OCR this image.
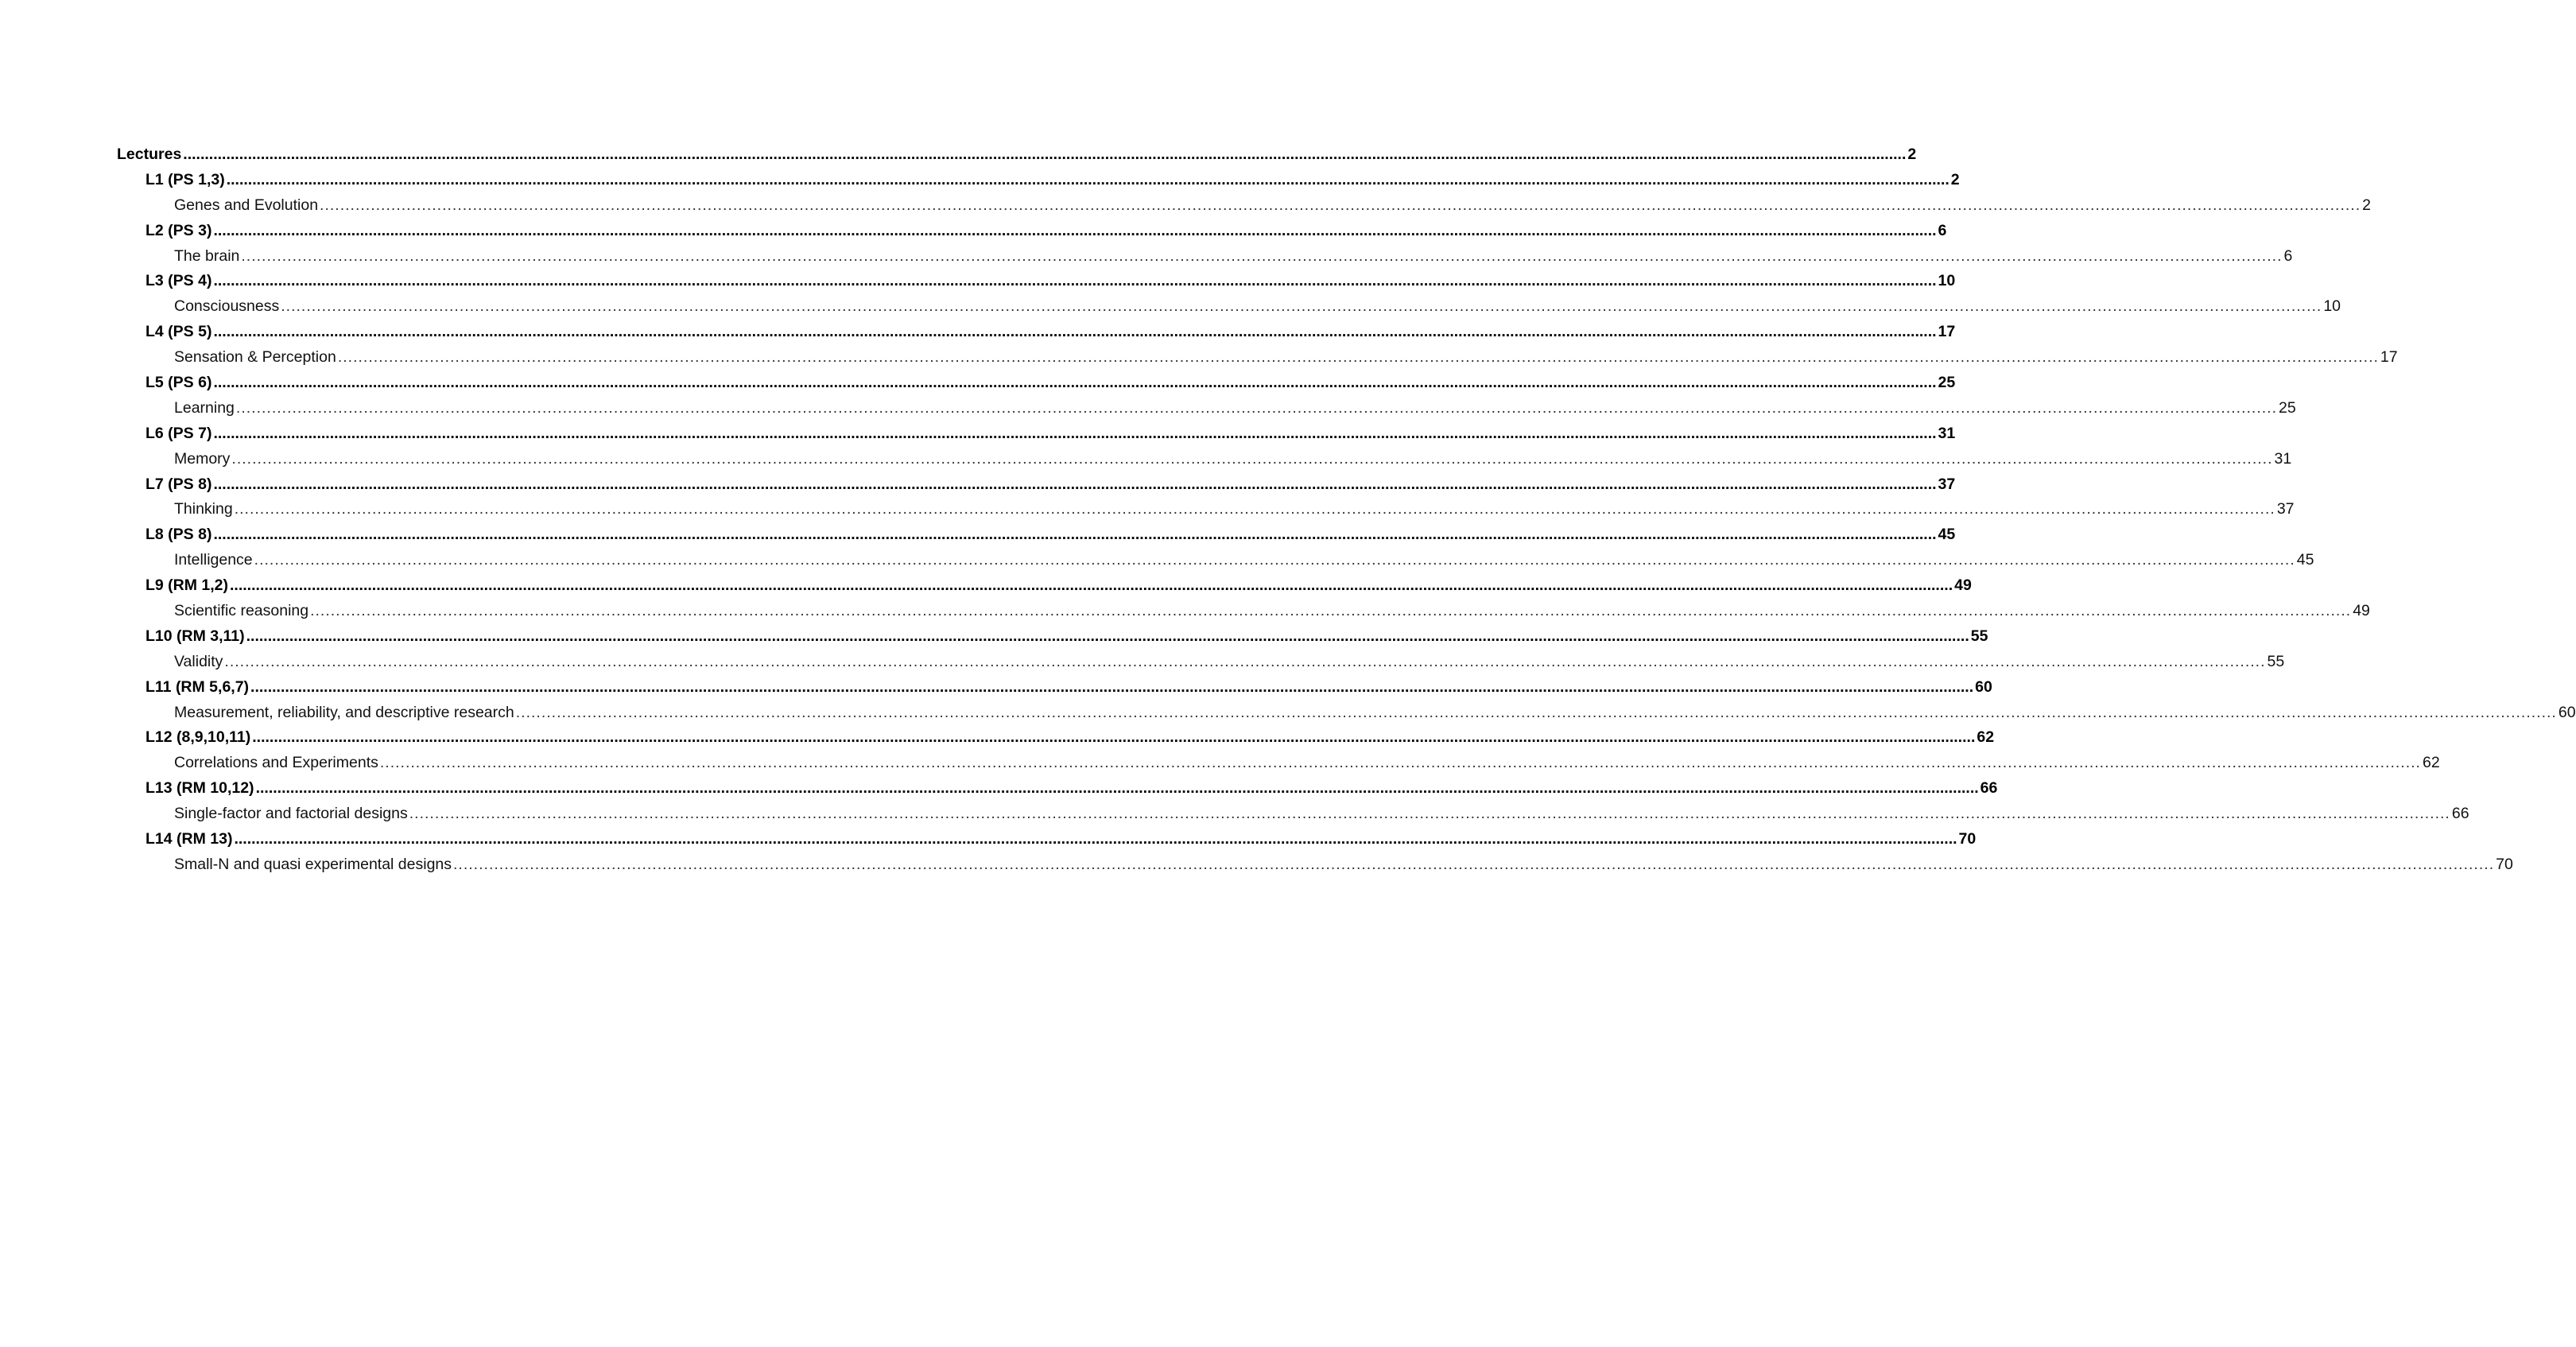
Lectures ................................................................................................................................................................................................................................................................................................................................................................................................................ 2
L1 (PS 1,3) ................................................................................................................................................................................................................................................................................................................................................................................................................ 2
Genes and Evolution ................................................................................................................................................................................................................................................................................................................................................................................................................ 2
L2 (PS 3) ................................................................................................................................................................................................................................................................................................................................................................................................................ 6
The brain ................................................................................................................................................................................................................................................................................................................................................................................................................ 6
L3 (PS 4) ................................................................................................................................................................................................................................................................................................................................................................................................................ 10
Consciousness ................................................................................................................................................................................................................................................................................................................................................................................................................ 10
L4 (PS 5) ................................................................................................................................................................................................................................................................................................................................................................................................................ 17
Sensation & Perception ................................................................................................................................................................................................................................................................................................................................................................................................................ 17
L5 (PS 6) ................................................................................................................................................................................................................................................................................................................................................................................................................ 25
Learning ................................................................................................................................................................................................................................................................................................................................................................................................................ 25
L6 (PS 7) ................................................................................................................................................................................................................................................................................................................................................................................................................ 31
Memory ................................................................................................................................................................................................................................................................................................................................................................................................................ 31
L7 (PS 8) ................................................................................................................................................................................................................................................................................................................................................................................................................ 37
Thinking ................................................................................................................................................................................................................................................................................................................................................................................................................ 37
L8 (PS 8) ................................................................................................................................................................................................................................................................................................................................................................................................................ 45
Intelligence ................................................................................................................................................................................................................................................................................................................................................................................................................ 45
L9 (RM 1,2) ................................................................................................................................................................................................................................................................................................................................................................................................................ 49
Scientific reasoning ................................................................................................................................................................................................................................................................................................................................................................................................................ 49
L10 (RM 3,11) ................................................................................................................................................................................................................................................................................................................................................................................................................ 55
Validity ................................................................................................................................................................................................................................................................................................................................................................................................................ 55
L11 (RM 5,6,7) ................................................................................................................................................................................................................................................................................................................................................................................................................ 60
Measurement, reliability, and descriptive research ................................................................................................................................................................................................................................................................................................................................................................................................................ 60
L12 (8,9,10,11) ................................................................................................................................................................................................................................................................................................................................................................................................................ 62
Correlations and Experiments ................................................................................................................................................................................................................................................................................................................................................................................................................ 62
L13 (RM 10,12) ................................................................................................................................................................................................................................................................................................................................................................................................................ 66
Single-factor and factorial designs ................................................................................................................................................................................................................................................................................................................................................................................................................ 66
L14 (RM 13) ................................................................................................................................................................................................................................................................................................................................................................................................................ 70
Small-N and quasi experimental designs ................................................................................................................................................................................................................................................................................................................................................................................................................ 70
